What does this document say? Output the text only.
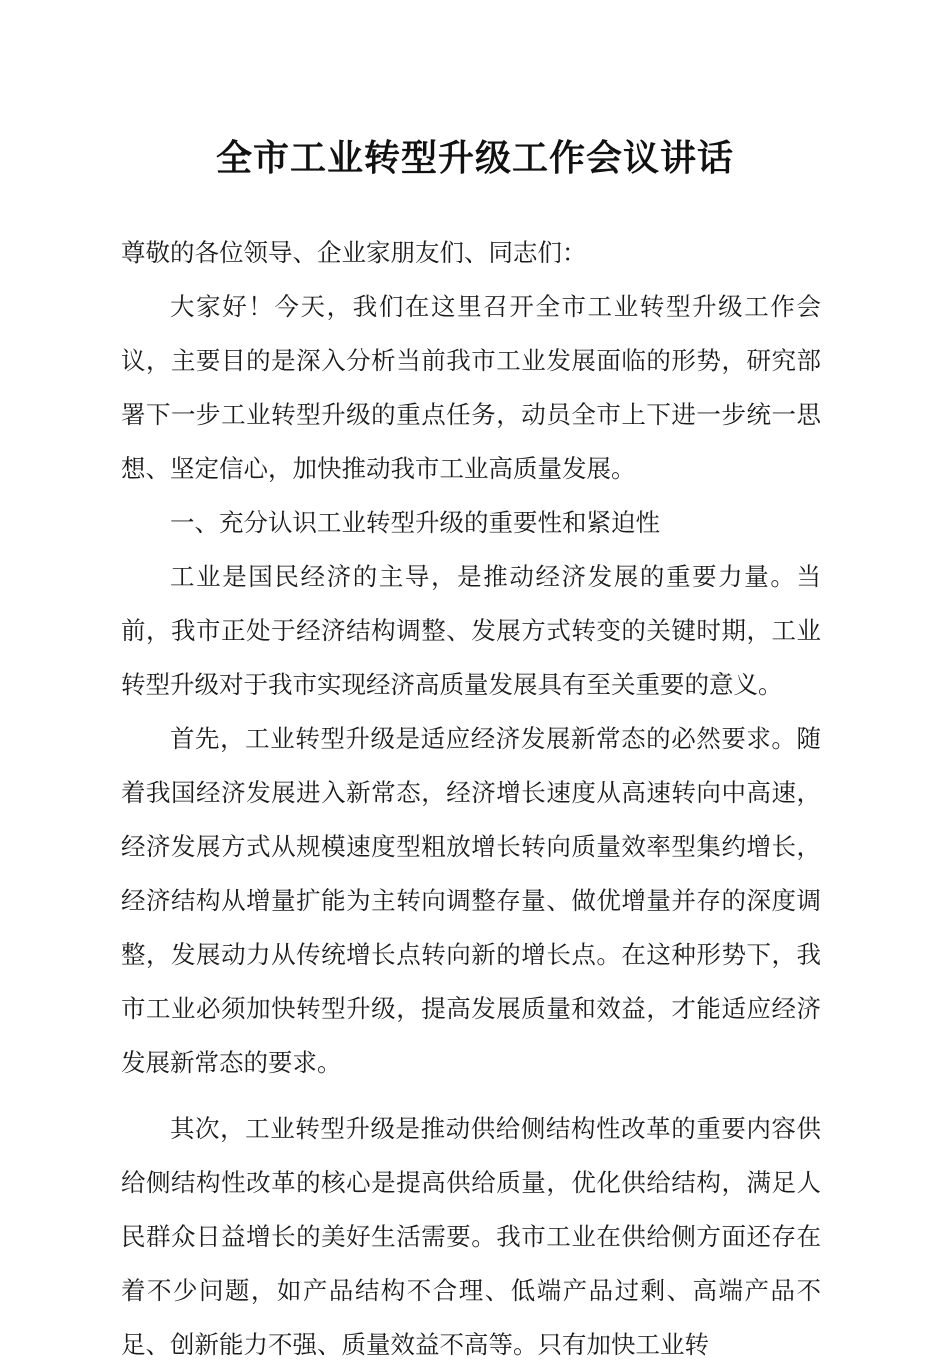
全市工业转型升级工作会议讲话

尊敬的各位领导、企业家朋友们、同志们：

大家好！今天，我们在这里召开全市工业转型升级工作会议，主要目的是深入分析当前我市工业发展面临的形势，研究部署下一步工业转型升级的重点任务，动员全市上下进一步统一思想、坚定信心，加快推动我市工业高质量发展。

一、充分认识工业转型升级的重要性和紧迫性

工业是国民经济的主导，是推动经济发展的重要力量。当前，我市正处于经济结构调整、发展方式转变的关键时期，工业转型升级对于我市实现经济高质量发展具有至关重要的意义。

首先，工业转型升级是适应经济发展新常态的必然要求。随着我国经济发展进入新常态，经济增长速度从高速转向中高速，经济发展方式从规模速度型粗放增长转向质量效率型集约增长，经济结构从增量扩能为主转向调整存量、做优增量并存的深度调整，发展动力从传统增长点转向新的增长点。在这种形势下，我市工业必须加快转型升级，提高发展质量和效益，才能适应经济发展新常态的要求。

其次，工业转型升级是推动供给侧结构性改革的重要内容供给侧结构性改革的核心是提高供给质量，优化供给结构，满足人民群众日益增长的美好生活需要。我市工业在供给侧方面还存在着不少问题，如产品结构不合理、低端产品过剩、高端产品不足、创新能力不强、质量效益不高等。只有加快工业转
